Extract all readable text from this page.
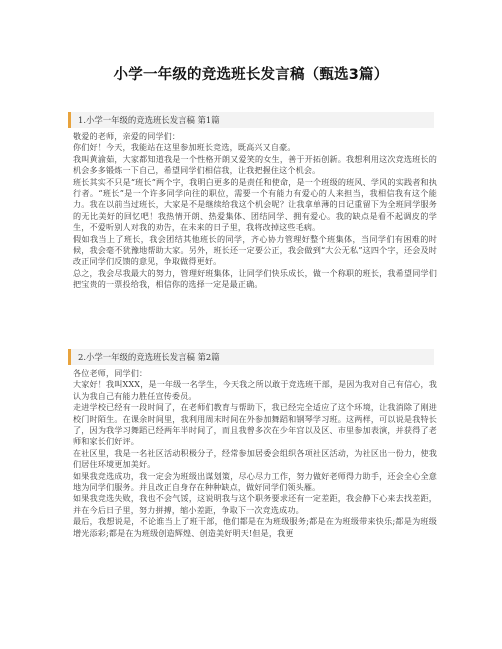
小学一年级的竞选班长发言稿（甄选3篇）
1.小学一年级的竞选班长发言稿 第1篇

敬爱的老师，亲爱的同学们：

你们好！今天，我能站在这里参加班长竞选，既高兴又自豪。

我叫黄渝茹，大家都知道我是一个性格开朗又爱笑的女生，善于开拓创新。我想利用这次竞选班长的机会多多锻炼一下自己，希望同学们相信我，让我把握住这个机会。

班长其实不只是“班长”两个字，我明白更多的是责任和使命，是一个班级的班风、学风的实践者和执行者。“班长”是一个许多同学向往的职位，需要一个有能力有爱心的人来担当，我相信我有这个能力。我在以前当过班长，大家是不是继续给我这个机会呢？让我拿单薄的日记重留下为全班同学服务的无比美好的回忆吧！我热情开朗、热爱集体、团结同学、拥有爱心。我的缺点是看不起调皮的学生，不爱听别人对我的劝告，在未来的日子里，我将改掉这些毛病。

假如我当上了班长，我会团结其他班长的同学，齐心协力管理好整个班集体，当同学们有困难的时候，我会毫不犹豫地帮助大家。另外，班长还一定要公正，我会做到“大公无私”这四个字，还会及时改正同学们反馈的意见，争取做得更好。

总之，我会尽我最大的努力，管理好班集体，让同学们快乐成长，做一个称职的班长，我希望同学们把宝贵的一票投给我，相信你的选择一定是最正确。

2.小学一年级的竞选班长发言稿 第2篇

各位老师，同学们：

大家好！我叫XXX，是一年级一名学生，今天我之所以敢于竞选班干部，是因为我对自己有信心，我认为我自己有能力胜任宣传委员。

走进学校已经有一段时间了，在老师们教育与帮助下，我已经完全适应了这个环境，让我消除了刚进校门时陌生。在课余时间里，我利用周末时间在外参加舞蹈和钢琴学习班。这两样，可以说是我特长了，因为我学习舞蹈已经两年半时间了，而且我曾多次在少年宫以及区、市里参加表演，并获得了老师和家长们好评。

在社区里，我是一名社区活动积极分子，经常参加居委会组织各项社区活动，为社区出一份力，使我们居住环境更加美好。

如果我竞选成功，我一定会为班级出谋划策，尽心尽力工作，努力做好老师得力助手，还会全心全意地为同学们服务。并且改正自身存在种种缺点，做好同学们领头雁。

如果我竞选失败，我也不会气馁，这说明我与这个职务要求还有一定差距，我会静下心来去找差距，并在今后日子里，努力拼搏，缩小差距，争取下一次竞选成功。

最后，我想说是，不论谁当上了班干部，他们都是在为班级服务;都是在为班级带来快乐;都是为班级增光添彩;都是在为班级创造辉煌、创造美好明天!但是，我更
